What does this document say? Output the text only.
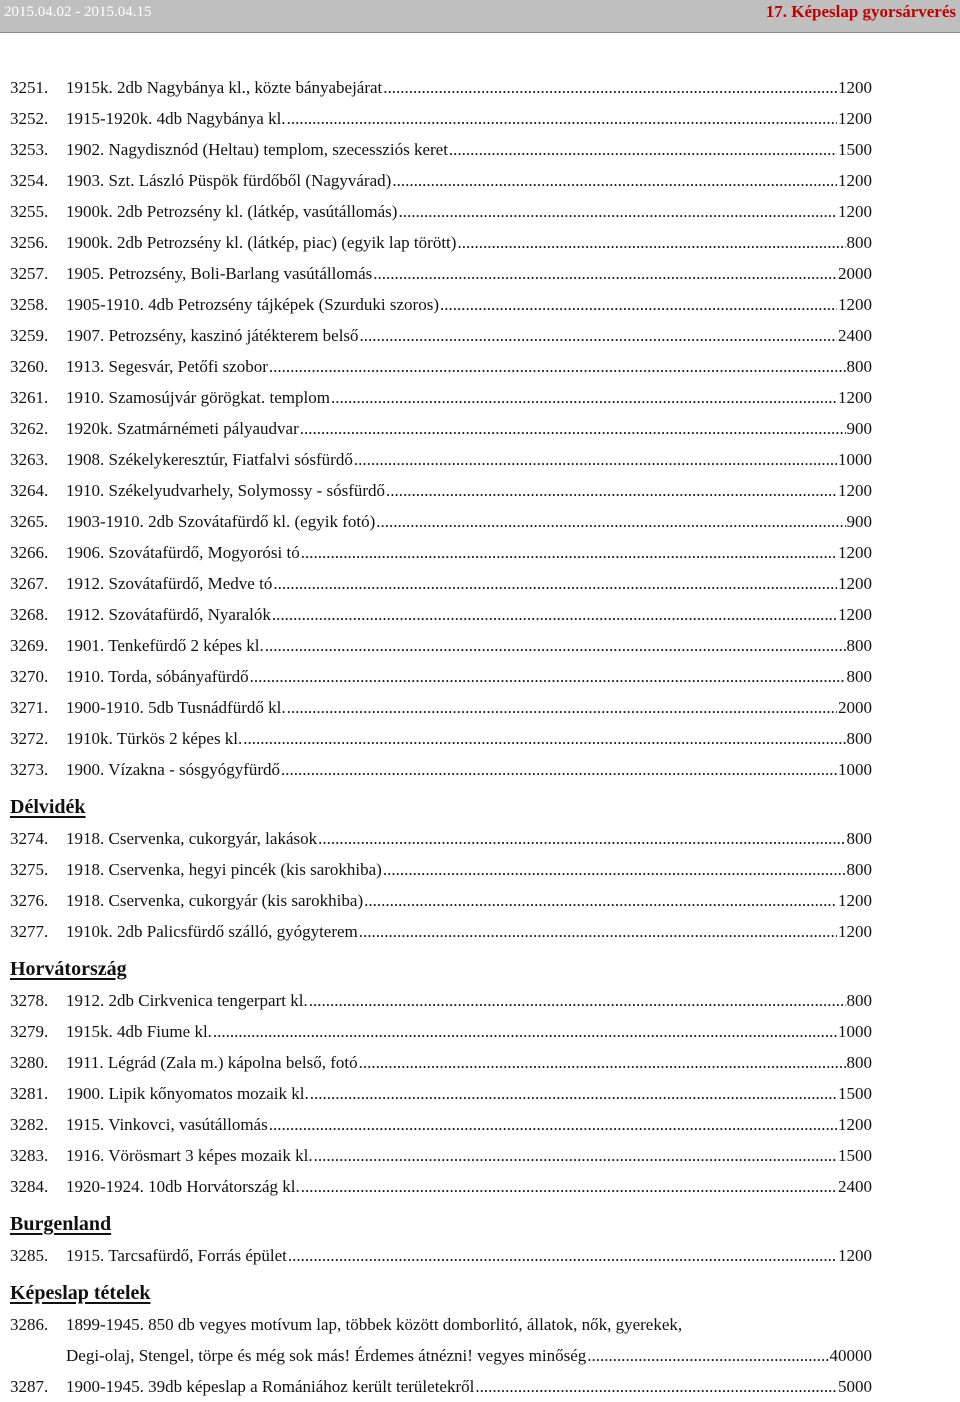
2015.04.02 - 2015.04.15	17. Képeslap gyorsárverés
3251.	1915k. 2db Nagybánya kl., közte bányabejárat .....	1200
3252.	1915-1920k. 4db Nagybánya kl. .....	1200
3253.	1902. Nagydisznód (Heltau) templom, szecessziós keret .....	1500
3254.	1903. Szt. László Püspök fürdőből (Nagyvárad) .....	1200
3255.	1900k. 2db Petrozsény kl. (látkép, vasútállomás) .....	1200
3256.	1900k. 2db Petrozsény kl. (látkép, piac) (egyik lap törött) .....	800
3257.	1905. Petrozsény, Boli-Barlang vasútállomás .....	2000
3258.	1905-1910. 4db Petrozsény tájképek (Szurduki szoros) .....	1200
3259.	1907. Petrozsény, kaszinó játékterem belső .....	2400
3260.	1913. Segesvár, Petőfi szobor .....	800
3261.	1910. Szamosújvár görögkat. templom .....	1200
3262.	1920k. Szatmárnémeti pályaudvar .....	900
3263.	1908. Székelykeresztúr, Fiatfalvi sósfürdő .....	1000
3264.	1910. Székelyudvarhely, Solymossy - sósfürdő .....	1200
3265.	1903-1910. 2db Szovátafürdő kl. (egyik fotó) .....	900
3266.	1906. Szovátafürdő, Mogyorósi tó .....	1200
3267.	1912. Szovátafürdő, Medve tó .....	1200
3268.	1912. Szovátafürdő, Nyaralók .....	1200
3269.	1901. Tenkefürdő 2 képes kl. .....	800
3270.	1910. Torda, sóbányafürdő .....	800
3271.	1900-1910. 5db Tusnádfürdő kl. .....	2000
3272.	1910k. Türkös 2 képes kl. .....	800
3273.	1900. Vízakna - sósgyógyfürdő .....	1000
Délvidék
3274.	1918. Cservenka, cukorgyár, lakások .....	800
3275.	1918. Cservenka, hegyi pincék (kis sarokhiba) .....	800
3276.	1918. Cservenka, cukorgyár (kis sarokhiba) .....	1200
3277.	1910k. 2db Palicsfürdő szálló, gyógyterem .....	1200
Horvátország
3278.	1912. 2db Cirkvenica tengerpart kl. .....	800
3279.	1915k. 4db Fiume kl. .....	1000
3280.	1911. Légrád (Zala m.) kápolna belső, fotó .....	800
3281.	1900. Lipik kőnyomatos mozaik kl. .....	1500
3282.	1915. Vinkovci, vasútállomás .....	1200
3283.	1916. Vörösmart 3 képes mozaik kl. .....	1500
3284.	1920-1924. 10db Horvátország kl. .....	2400
Burgenland
3285.	1915. Tarcsafürdő, Forrás épület .....	1200
Képeslap tételek
3286.	1899-1945. 850 db vegyes motívum lap, többek között domborlitó, állatok, nők, gyerekek,
Degi-olaj, Stengel, törpe és még sok más! Érdemes átnézni! vegyes minőség .....	40000
3287.	1900-1945. 39db képeslap a Romániához került területekről .....	5000
